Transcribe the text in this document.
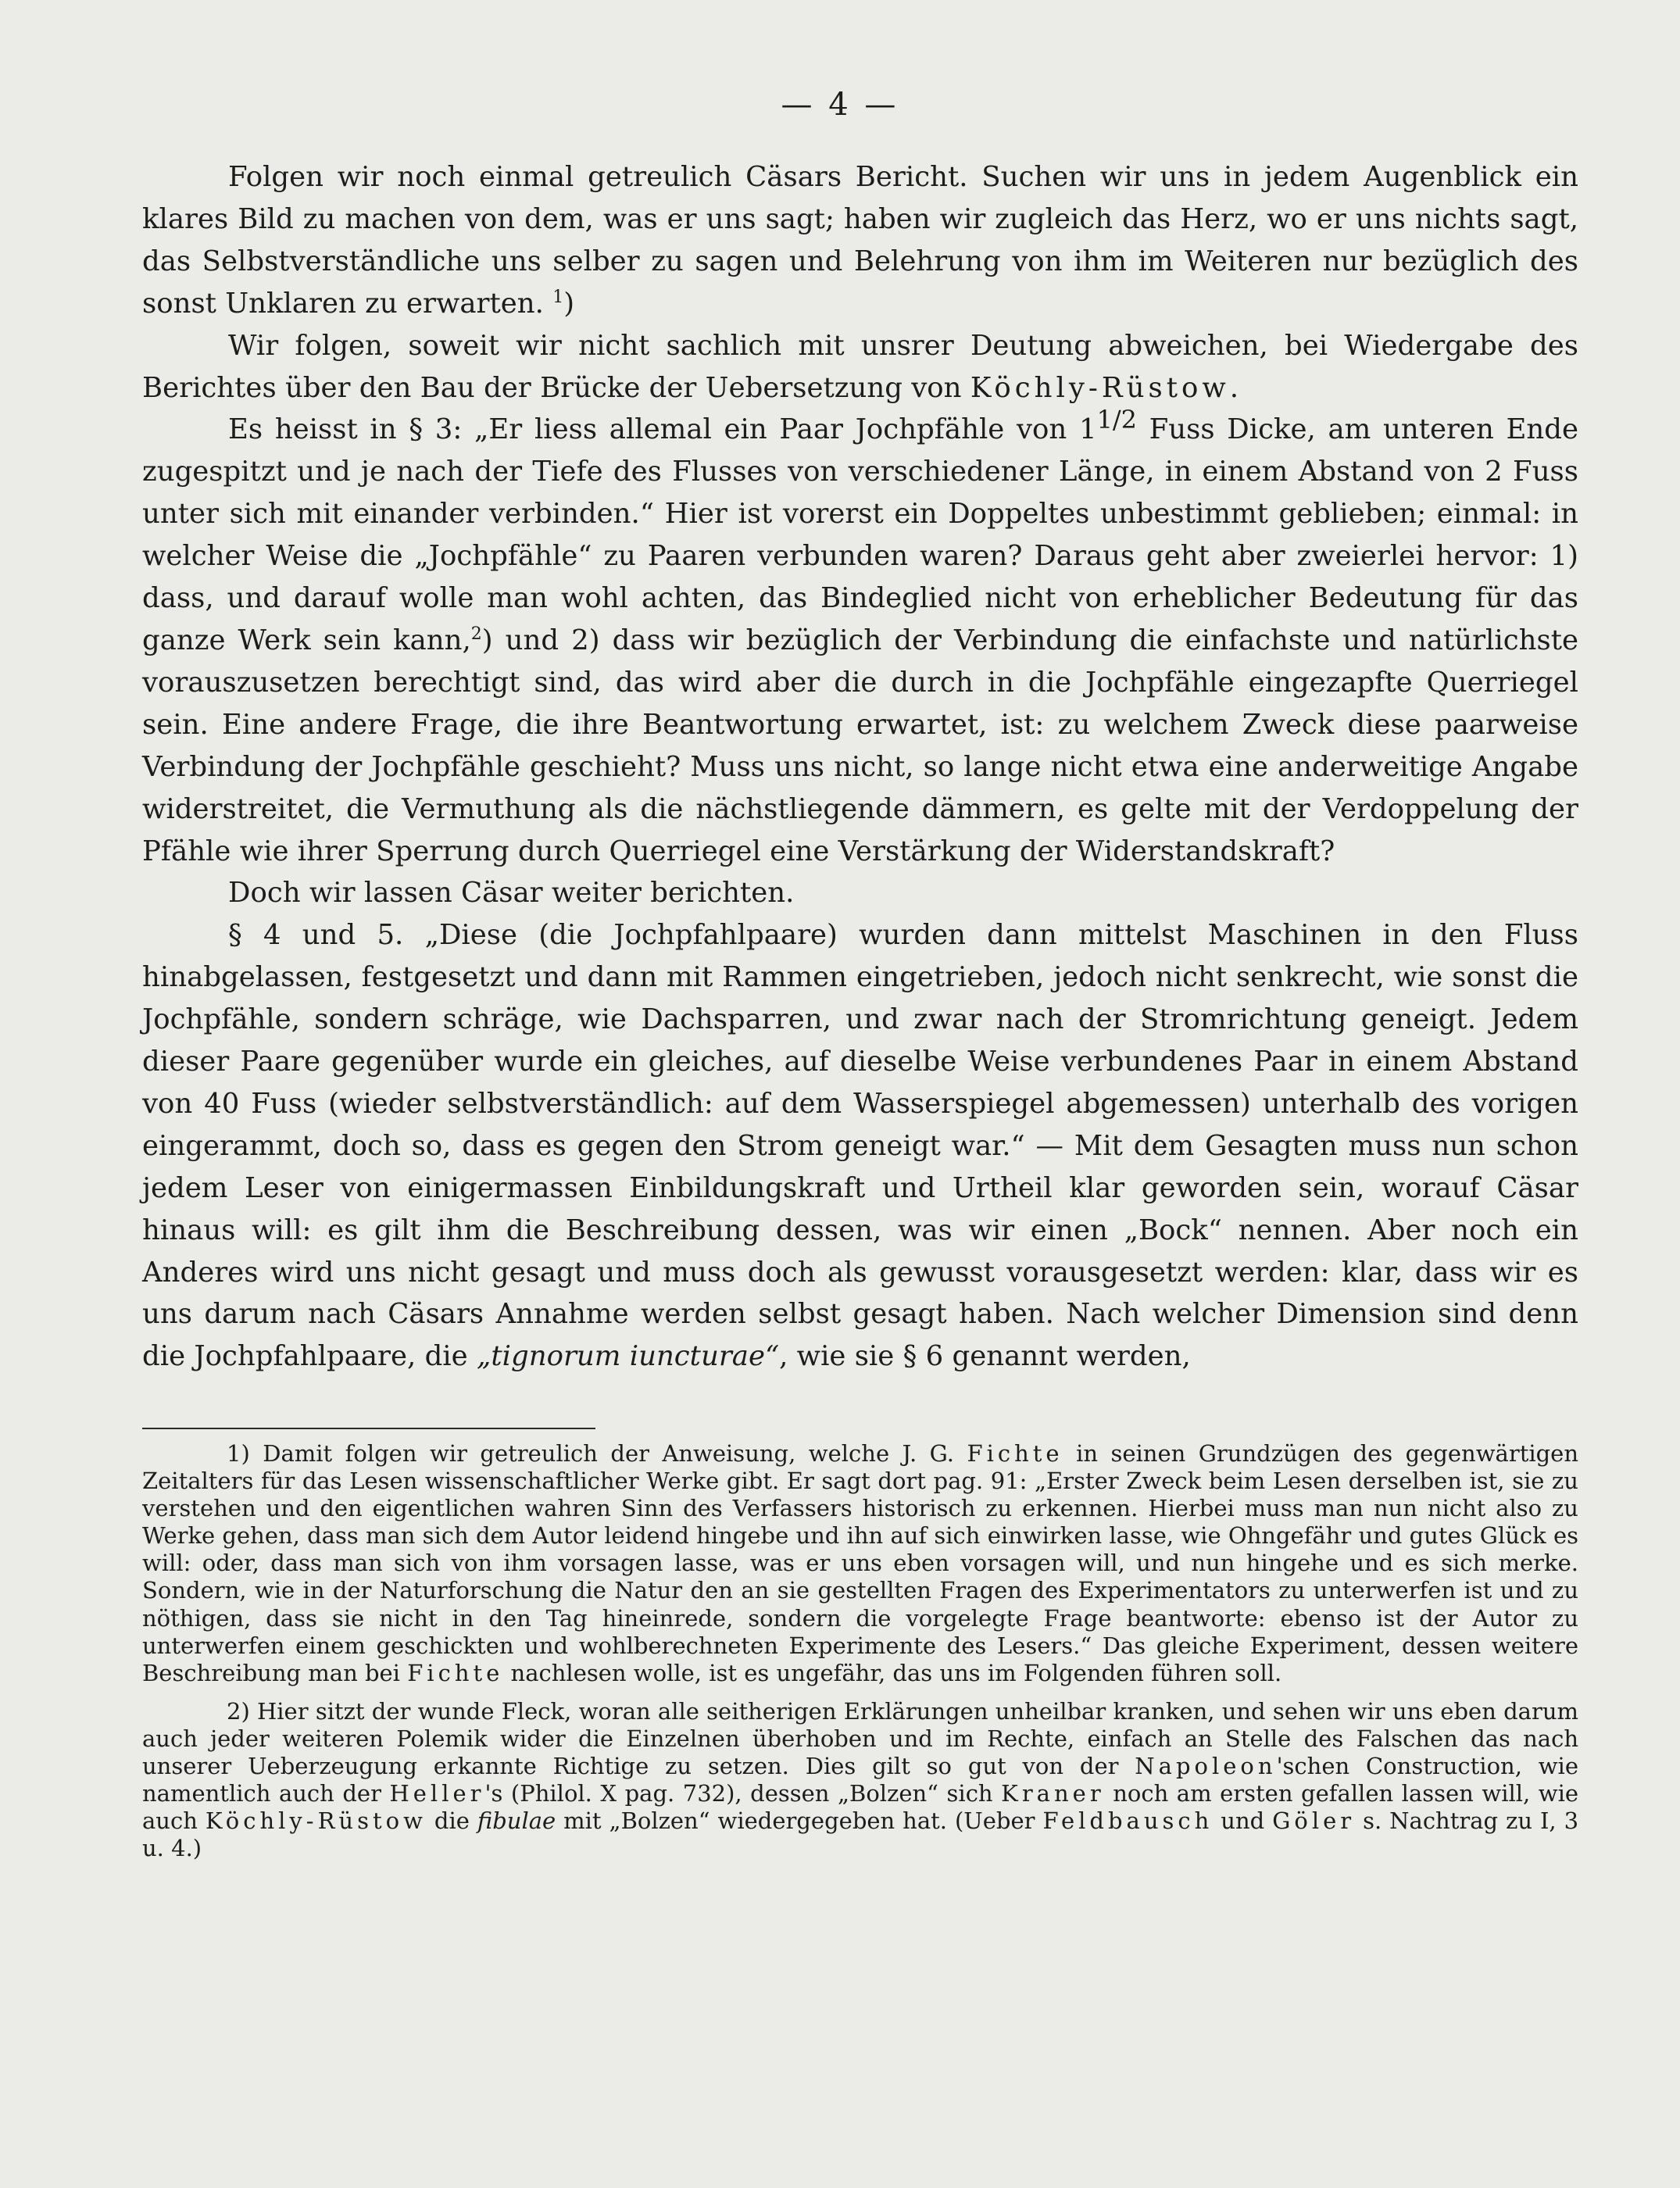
— 4 —

Folgen wir noch einmal getreulich Cäsars Bericht. Suchen wir uns in jedem Augenblick ein klares Bild zu machen von dem, was er uns sagt; haben wir zugleich das Herz, wo er uns nichts sagt, das Selbstverständliche uns selber zu sagen und Belehrung von ihm im Weiteren nur bezüglich des sonst Unklaren zu erwarten. $^1$)

Wir folgen, soweit wir nicht sachlich mit unsrer Deutung abweichen, bei Wiedergabe des Berichtes über den Bau der Brücke der Uebersetzung von Köchly-Rüstow.

Es heisst in § 3: „Er liess allemal ein Paar Jochpfähle von $1^{1/2}$ Fuss Dicke, am unteren Ende zugespitzt und je nach der Tiefe des Flusses von verschiedener Länge, in einem Abstand von 2 Fuss unter sich mit einander verbinden.“ Hier ist vorerst ein Doppeltes unbestimmt geblieben; einmal: in welcher Weise die „Jochpfähle“ zu Paaren verbunden waren? Daraus geht aber zweierlei hervor: 1) dass, und darauf wolle man wohl achten, das Bindeglied nicht von erheblicher Bedeutung für das ganze Werk sein kann,$^2$) und 2) dass wir bezüglich der Verbindung die einfachste und natürlichste vorauszusetzen berechtigt sind, das wird aber die durch in die Jochpfähle eingezapfte Querriegel sein. Eine andere Frage, die ihre Beantwortung erwartet, ist: zu welchem Zweck diese paarweise Verbindung der Jochpfähle geschieht? Muss uns nicht, so lange nicht etwa eine anderweitige Angabe widerstreitet, die Vermuthung als die nächstliegende dämmern, es gelte mit der Verdoppelung der Pfähle wie ihrer Sperrung durch Querriegel eine Verstärkung der Widerstandskraft?

Doch wir lassen Cäsar weiter berichten.

§ 4 und 5. „Diese (die Jochpfahlpaare) wurden dann mittelst Maschinen in den Fluss hinabgelassen, festgesetzt und dann mit Rammen eingetrieben, jedoch nicht senkrecht, wie sonst die Jochpfähle, sondern schräge, wie Dachsparren, und zwar nach der Stromrichtung geneigt. Jedem dieser Paare gegenüber wurde ein gleiches, auf dieselbe Weise verbundenes Paar in einem Abstand von 40 Fuss (wieder selbstverständlich: auf dem Wasserspiegel abgemessen) unterhalb des vorigen eingerammt, doch so, dass es gegen den Strom geneigt war.“ — Mit dem Gesagten muss nun schon jedem Leser von einigermassen Einbildungskraft und Urtheil klar geworden sein, worauf Cäsar hinaus will: es gilt ihm die Beschreibung dessen, was wir einen „Bock“ nennen. Aber noch ein Anderes wird uns nicht gesagt und muss doch als gewusst vorausgesetzt werden: klar, dass wir es uns darum nach Cäsars Annahme werden selbst gesagt haben. Nach welcher Dimension sind denn die Jochpfahlpaare, die „tignorum iuncturae“, wie sie § 6 genannt werden,

1) Damit folgen wir getreulich der Anweisung, welche J. G. Fichte in seinen Grundzügen des gegenwärtigen Zeitalters für das Lesen wissenschaftlicher Werke gibt. Er sagt dort pag. 91: „Erster Zweck beim Lesen derselben ist, sie zu verstehen und den eigentlichen wahren Sinn des Verfassers historisch zu erkennen. Hierbei muss man nun nicht also zu Werke gehen, dass man sich dem Autor leidend hingebe und ihn auf sich einwirken lasse, wie Ohngefähr und gutes Glück es will: oder, dass man sich von ihm vorsagen lasse, was er uns eben vorsagen will, und nun hingehe und es sich merke. Sondern, wie in der Naturforschung die Natur den an sie gestellten Fragen des Experimentators zu unterwerfen ist und zu nöthigen, dass sie nicht in den Tag hineinrede, sondern die vorgelegte Frage beantworte: ebenso ist der Autor zu unterwerfen einem geschickten und wohlberechneten Experimente des Lesers.“ Das gleiche Experiment, dessen weitere Beschreibung man bei Fichte nachlesen wolle, ist es ungefähr, das uns im Folgenden führen soll.

2) Hier sitzt der wunde Fleck, woran alle seitherigen Erklärungen unheilbar kranken, und sehen wir uns eben darum auch jeder weiteren Polemik wider die Einzelnen überhoben und im Rechte, einfach an Stelle des Falschen das nach unserer Ueberzeugung erkannte Richtige zu setzen. Dies gilt so gut von der Napoleon'schen Construction, wie namentlich auch der Heller's (Philol. X pag. 732), dessen „Bolzen“ sich Kraner noch am ersten gefallen lassen will, wie auch Köchly-Rüstow die fibulae mit „Bolzen“ wiedergegeben hat. (Ueber Feldbausch und Göler s. Nachtrag zu I, 3 u. 4.)
